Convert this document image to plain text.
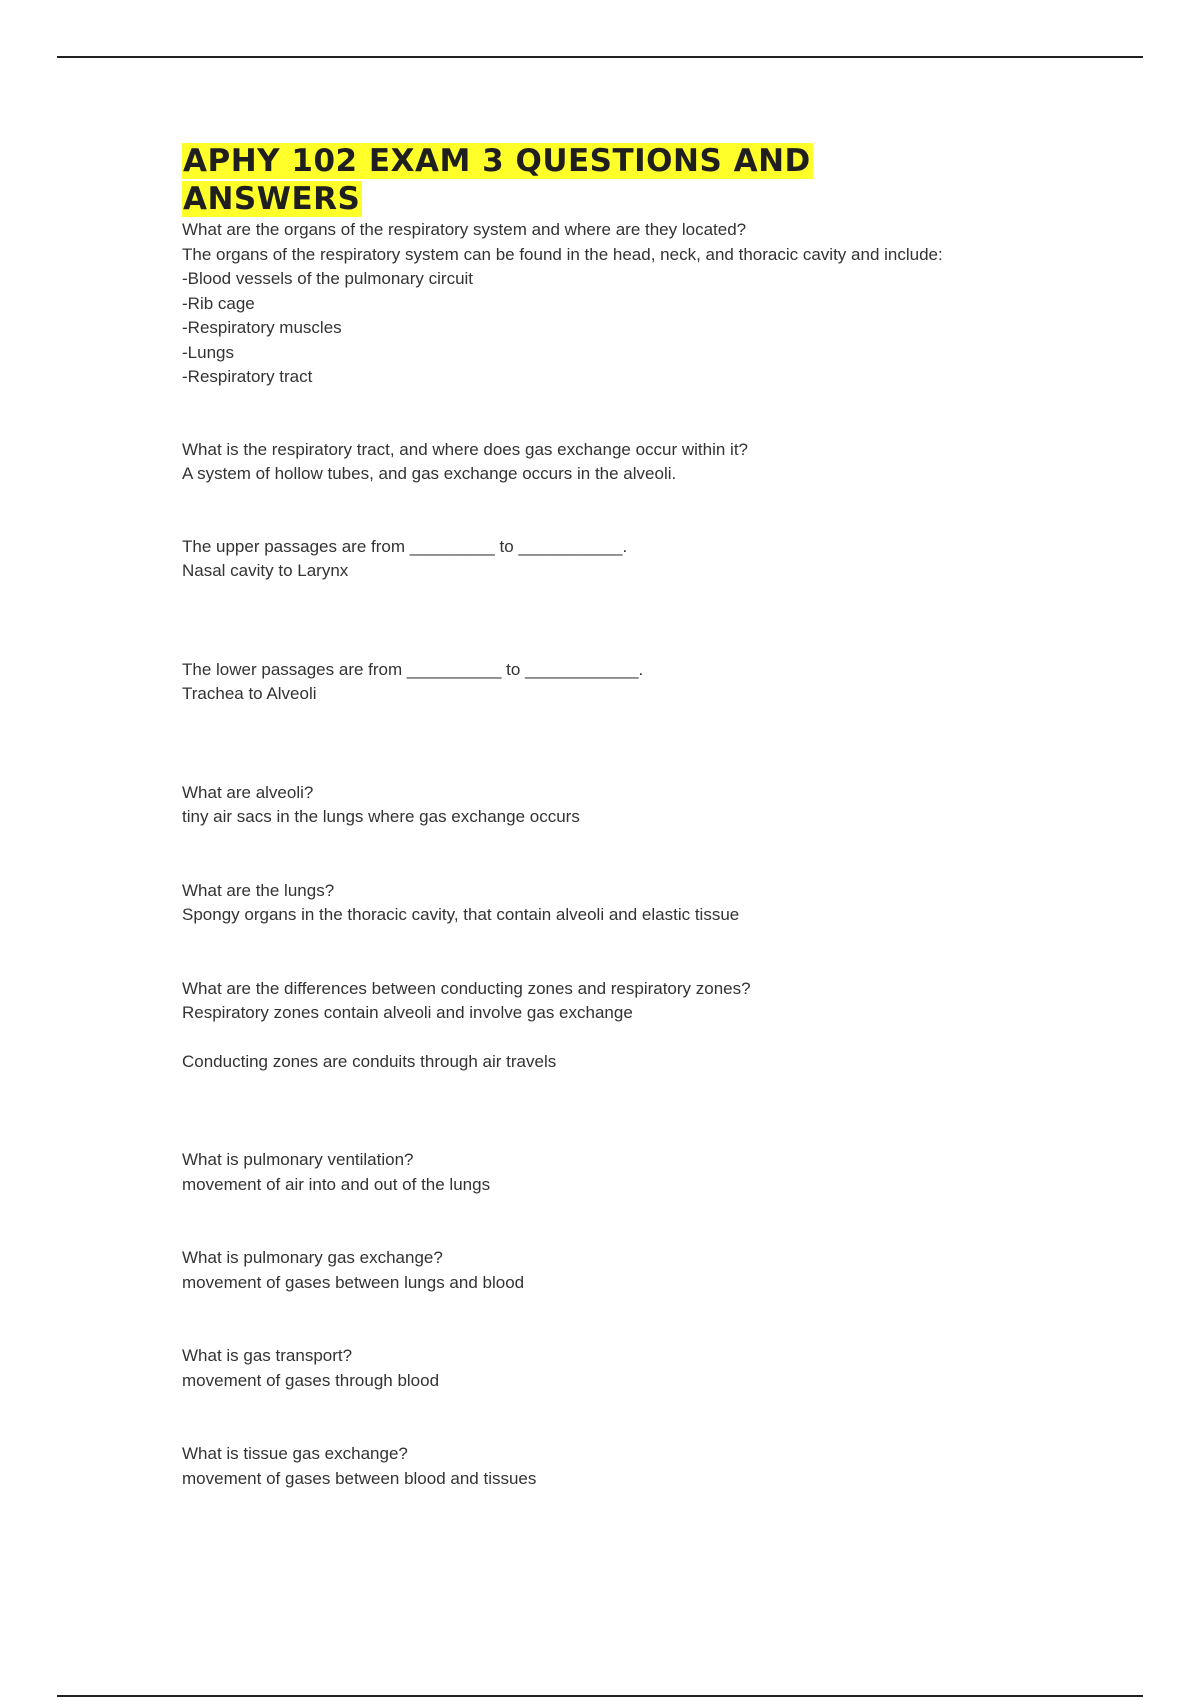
APHY 102 EXAM 3 QUESTIONS AND
ANSWERS
What are the organs of the respiratory system and where are they located?
The organs of the respiratory system can be found in the head, neck, and thoracic cavity and include:
-Blood vessels of the pulmonary circuit
-Rib cage
-Respiratory muscles
-Lungs
-Respiratory tract
What is the respiratory tract, and where does gas exchange occur within it?
A system of hollow tubes, and gas exchange occurs in the alveoli.
The upper passages are from _________ to ___________.
Nasal cavity to Larynx
The lower passages are from __________ to ____________.
Trachea to Alveoli
What are alveoli?
tiny air sacs in the lungs where gas exchange occurs
What are the lungs?
Spongy organs in the thoracic cavity, that contain alveoli and elastic tissue
What are the differences between conducting zones and respiratory zones?
Respiratory zones contain alveoli and involve gas exchange
Conducting zones are conduits through air travels
What is pulmonary ventilation?
movement of air into and out of the lungs
What is pulmonary gas exchange?
movement of gases between lungs and blood
What is gas transport?
movement of gases through blood
What is tissue gas exchange?
movement of gases between blood and tissues
